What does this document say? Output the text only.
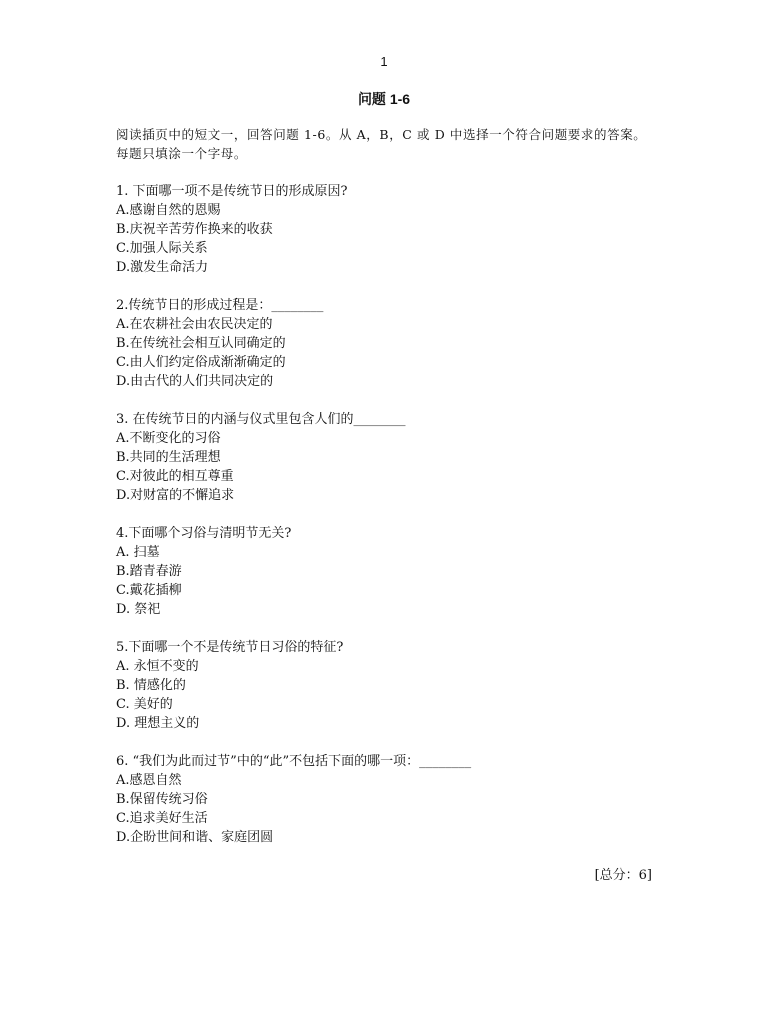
1
问题 1-6
阅读插页中的短文一，回答问题 1-6。从 A，B，C 或 D 中选择一个符合问题要求的答案。每题只填涂一个字母。
1. 下面哪一项不是传统节日的形成原因?
A.感谢自然的恩赐
B.庆祝辛苦劳作换来的收获
C.加强人际关系
D.激发生命活力
2.传统节日的形成过程是：________
A.在农耕社会由农民决定的
B.在传统社会相互认同确定的
C.由人们约定俗成渐渐确定的
D.由古代的人们共同决定的
3. 在传统节日的内涵与仪式里包含人们的________
A.不断变化的习俗
B.共同的生活理想
C.对彼此的相互尊重
D.对财富的不懈追求
4.下面哪个习俗与清明节无关?
A. 扫墓
B.踏青春游
C.戴花插柳
D. 祭祀
5.下面哪一个不是传统节日习俗的特征?
A. 永恒不变的
B. 情感化的
C. 美好的
D. 理想主义的
6. “我们为此而过节”中的“此”不包括下面的哪一项：________
A.感恩自然
B.保留传统习俗
C.追求美好生活
D.企盼世间和谐、家庭团圆
[总分：6]
